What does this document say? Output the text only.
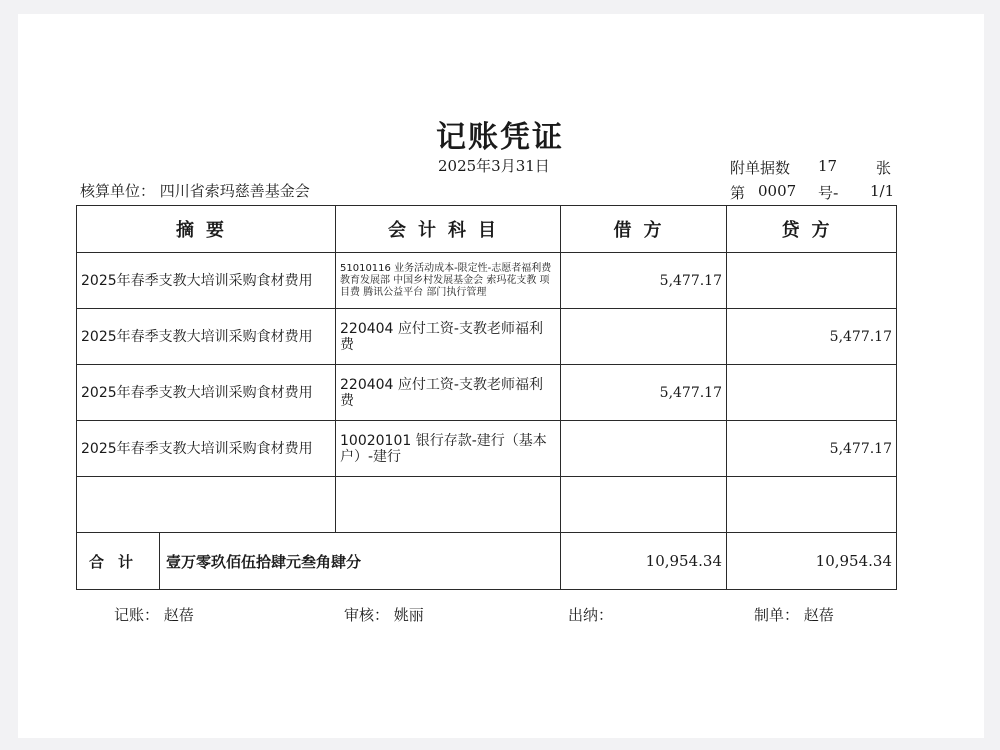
记账凭证
2025年3月31日
核算单位： 四川省索玛慈善基金会
附单据数 17	张
第 0007 号- 1/1
摘要	会计科目	借方	贷方
2025年春季支教大培训采购食材费用	51010116 业务活动成本-限定性-志愿者福利费 教育发展部 中国乡村发展基金会 索玛花支教 项目费 腾讯公益平台 部门执行管理	5,477.17	
2025年春季支教大培训采购食材费用	220404 应付工资-支教老师福利费		5,477.17
2025年春季支教大培训采购食材费用	220404 应付工资-支教老师福利费	5,477.17	
2025年春季支教大培训采购食材费用	10020101 银行存款-建行（基本户）-建行		5,477.17

合计 壹万零玖佰伍拾肆元叁角肆分		10,954.34	10,954.34
记账： 赵蓓	审核： 姚丽	出纳：	制单： 赵蓓
